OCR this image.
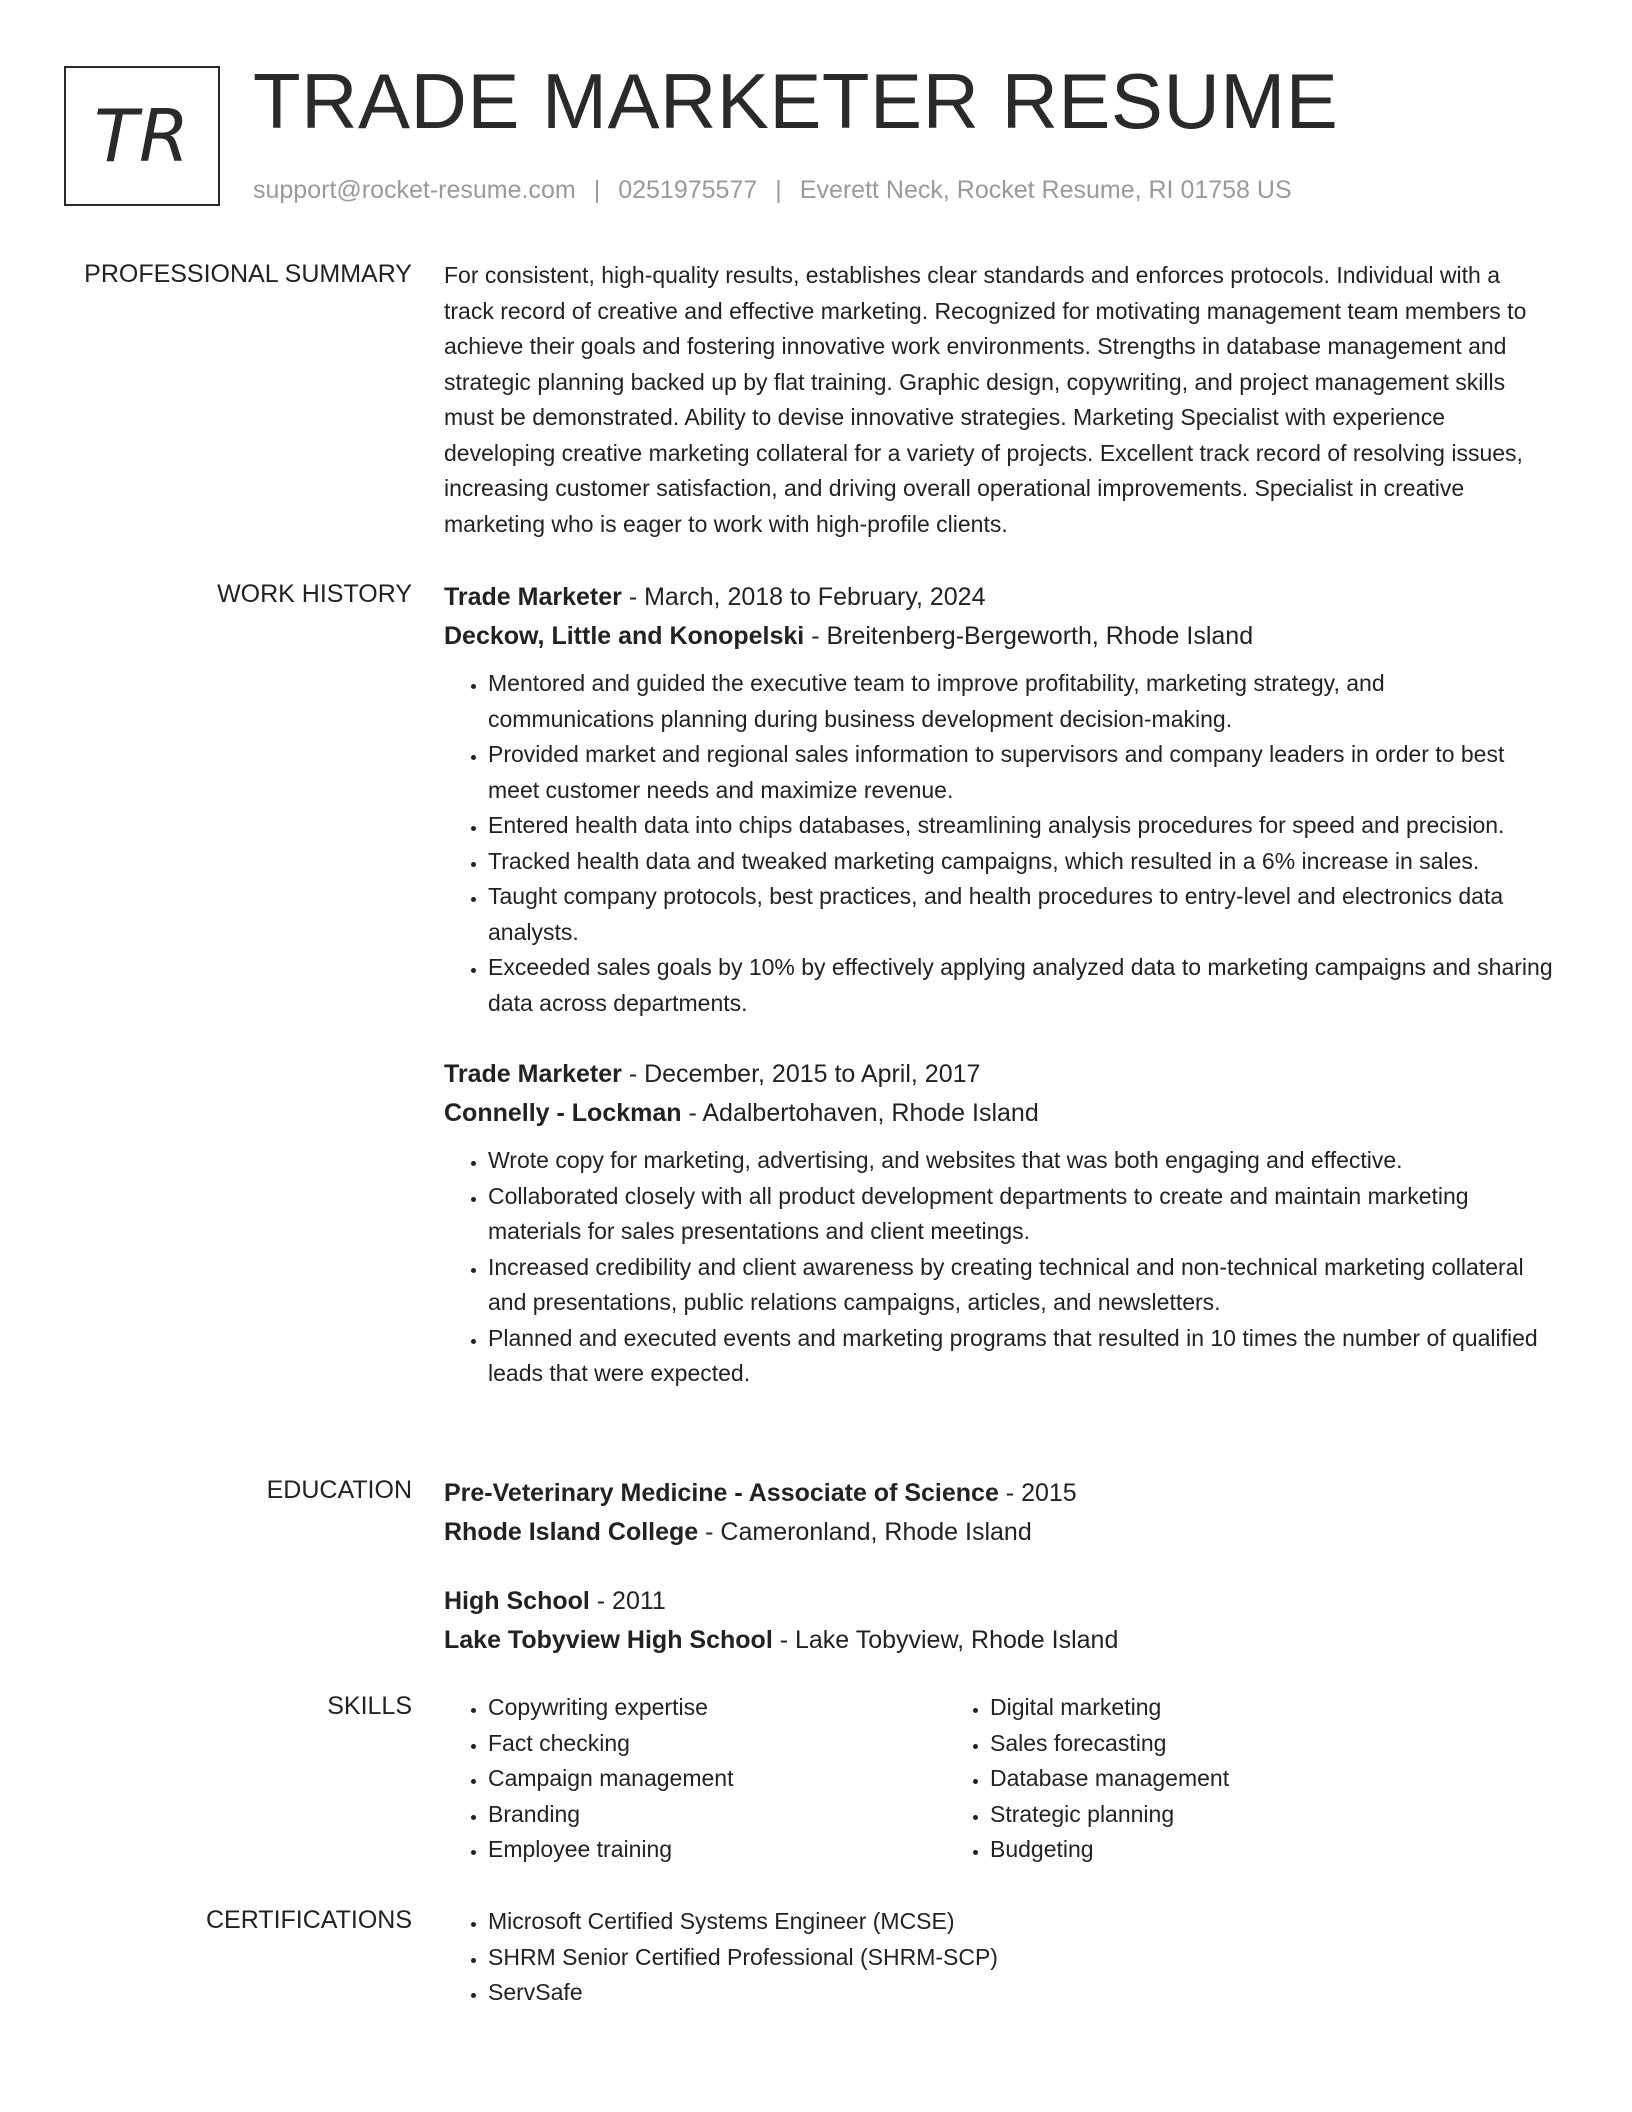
TR TRADE MARKETER RESUME
support@rocket-resume.com | 0251975577 | Everett Neck, Rocket Resume, RI 01758 US
PROFESSIONAL SUMMARY For consistent, high-quality results, establishes clear standards and enforces protocols. Individual with a track record of creative and effective marketing. Recognized for motivating management team members to achieve their goals and fostering innovative work environments. Strengths in database management and strategic planning backed up by flat training. Graphic design, copywriting, and project management skills must be demonstrated. Ability to devise innovative strategies. Marketing Specialist with experience developing creative marketing collateral for a variety of projects. Excellent track record of resolving issues, increasing customer satisfaction, and driving overall operational improvements. Specialist in creative marketing who is eager to work with high-profile clients.

WORK HISTORY Trade Marketer - March, 2018 to February, 2024
Deckow, Little and Konopelski - Breitenberg-Bergeworth, Rhode Island
• Mentored and guided the executive team to improve profitability, marketing strategy, and communications planning during business development decision-making.
• Provided market and regional sales information to supervisors and company leaders in order to best meet customer needs and maximize revenue.
• Entered health data into chips databases, streamlining analysis procedures for speed and precision.
• Tracked health data and tweaked marketing campaigns, which resulted in a 6% increase in sales.
• Taught company protocols, best practices, and health procedures to entry-level and electronics data analysts.
• Exceeded sales goals by 10% by effectively applying analyzed data to marketing campaigns and sharing data across departments.
Trade Marketer - December, 2015 to April, 2017
Connelly - Lockman - Adalbertohaven, Rhode Island
• Wrote copy for marketing, advertising, and websites that was both engaging and effective.
• Collaborated closely with all product development departments to create and maintain marketing materials for sales presentations and client meetings.
• Increased credibility and client awareness by creating technical and non-technical marketing collateral and presentations, public relations campaigns, articles, and newsletters.
• Planned and executed events and marketing programs that resulted in 10 times the number of qualified leads that were expected.
EDUCATION Pre-Veterinary Medicine - Associate of Science - 2015
Rhode Island College - Cameronland, Rhode Island
High School - 2011
Lake Tobyview High School - Lake Tobyview, Rhode Island
SKILLS	• Copywriting expertise
• Fact checking
• Campaign management
• Branding
• Employee training
• Digital marketing
• Sales forecasting
• Database management
• Strategic planning
• Budgeting
CERTIFICATIONS	• Microsoft Certified Systems Engineer (MCSE)
• SHRM Senior Certified Professional (SHRM-SCP)
• ServSafe
